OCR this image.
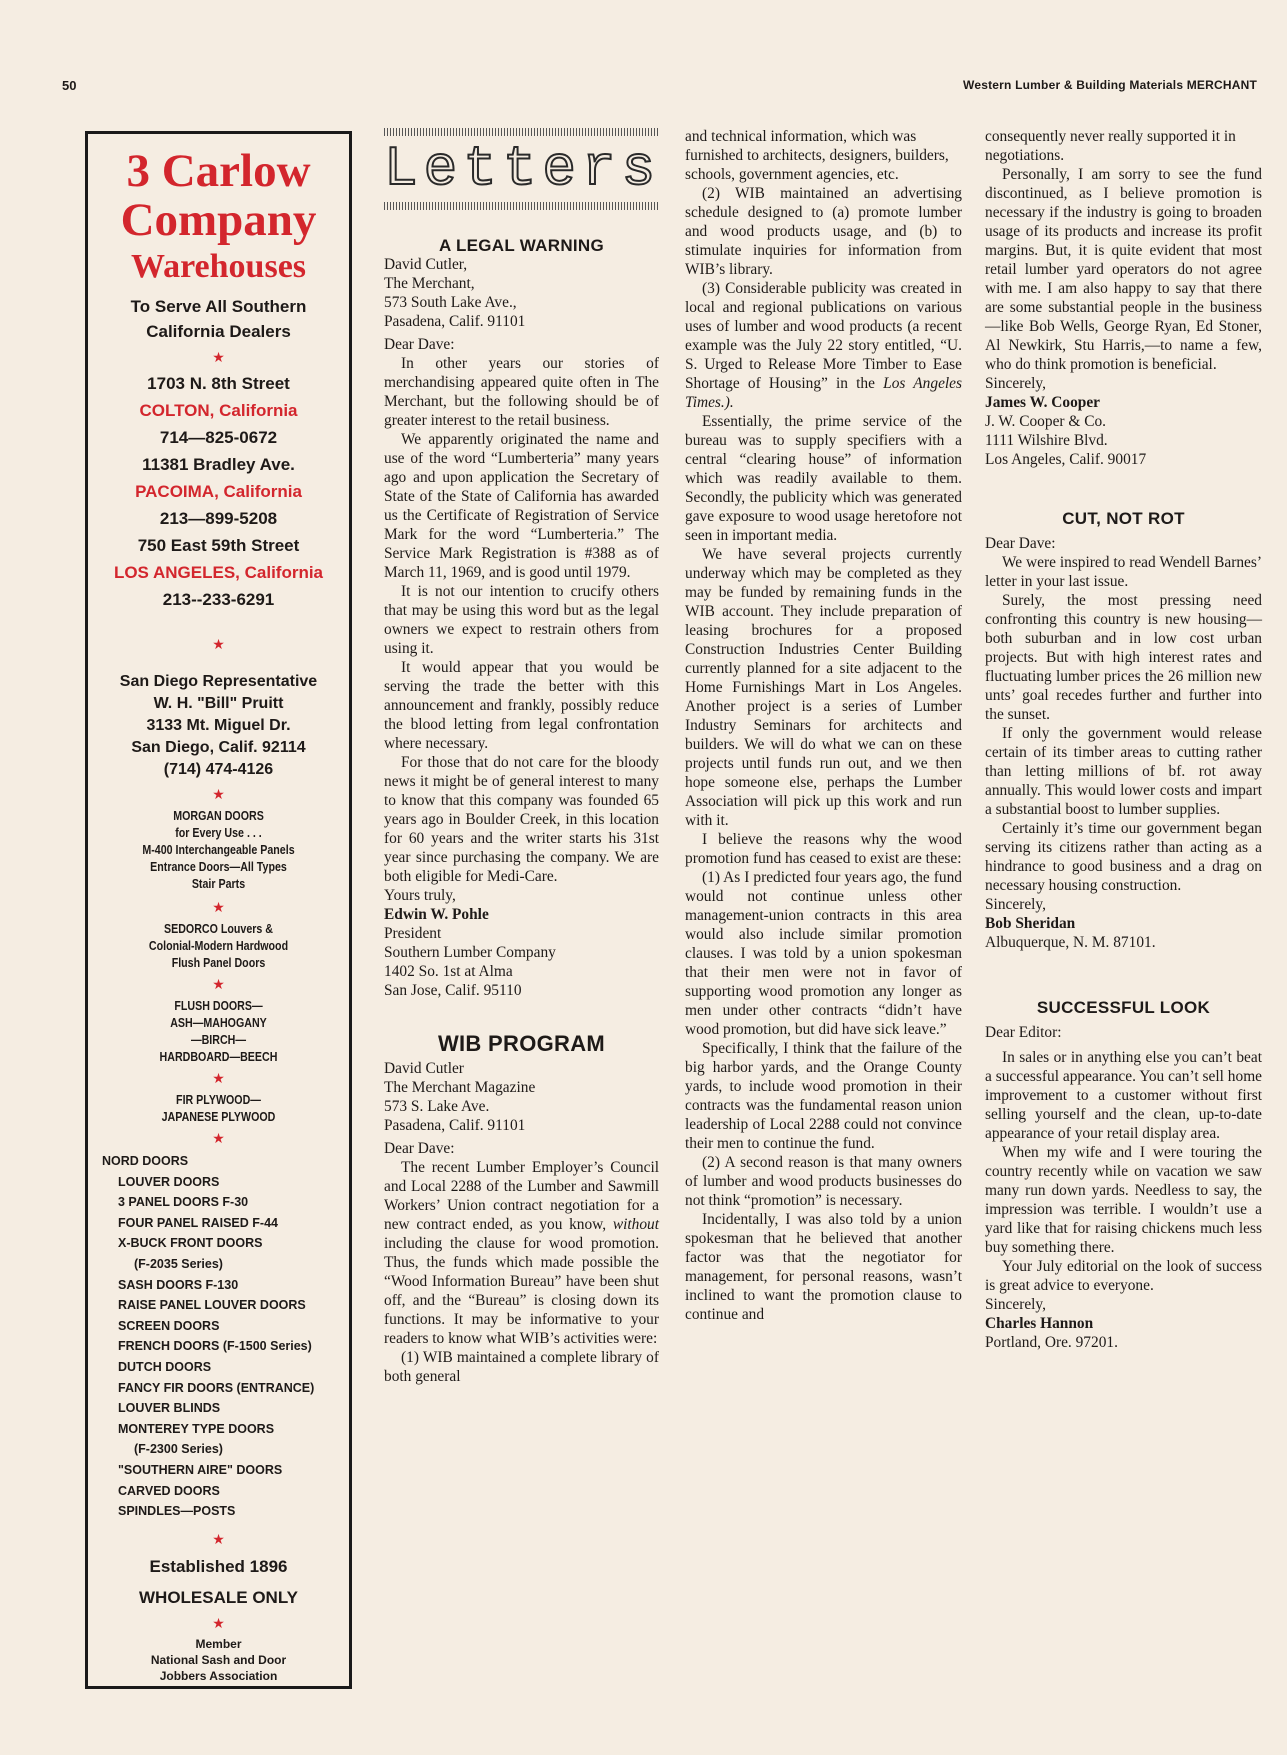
50	Western Lumber & Building Materials MERCHANT
3 Carlow
Company
Warehouses
To Serve All Southern
California Dealers
★
1703 N. 8th Street
COLTON, California
714—825-0672
11381 Bradley Ave.
PACOIMA, California
213—899-5208
750 East 59th Street
LOS ANGELES, California
213--233-6291
★
San Diego Representative
W. H. "Bill" Pruitt
3133 Mt. Miguel Dr.
San Diego, Calif. 92114
(714) 474-4126
★
MORGAN DOORS
for Every Use . . .
M-400 Interchangeable Panels
Entrance Doors—All Types
Stair Parts
★
SEDORCO Louvers &
Colonial-Modern Hardwood
Flush Panel Doors
★
FLUSH DOORS—
ASH—MAHOGANY
—BIRCH—
HARDBOARD—BEECH
★
FIR PLYWOOD—
JAPANESE PLYWOOD
★
NORD DOORS
LOUVER DOORS
3 PANEL DOORS F-30
FOUR PANEL RAISED F-44
X-BUCK FRONT DOORS
(F-2035 Series)
SASH DOORS F-130
RAISE PANEL LOUVER DOORS
SCREEN DOORS
FRENCH DOORS (F-1500 Series)
DUTCH DOORS
FANCY FIR DOORS (ENTRANCE)
LOUVER BLINDS
MONTEREY TYPE DOORS
(F-2300 Series)
"SOUTHERN AIRE" DOORS
CARVED DOORS
SPINDLES—POSTS
★
Established 1896
WHOLESALE ONLY
★
Member
National Sash and Door
Jobbers Association
Letters
A LEGAL WARNING

David Cutler,

The Merchant,

573 South Lake Ave.,

Pasadena, Calif. 91101

Dear Dave:

In other years our stories of merchandising appeared quite often in The Merchant, but the following should be of greater interest to the retail business.

We apparently originated the name and use of the word “Lumberteria” many years ago and upon application the Secretary of State of the State of California has awarded us the Certificate of Registration of Service Mark for the word “Lumberteria.” The Service Mark Registration is #388 as of March 11, 1969, and is good until 1979.

It is not our intention to crucify others that may be using this word but as the legal owners we expect to restrain others from using it.

It would appear that you would be serving the trade the better with this announcement and frankly, possibly reduce the blood letting from legal confrontation where necessary.

For those that do not care for the bloody news it might be of general interest to many to know that this company was founded 65 years ago in Boulder Creek, in this location for 60 years and the writer starts his 31st year since purchasing the company. We are both eligible for Medi-Care.

Yours truly,

Edwin W. Pohle

President

Southern Lumber Company

1402 So. 1st at Alma

San Jose, Calif. 95110

WIB PROGRAM

David Cutler

The Merchant Magazine

573 S. Lake Ave.

Pasadena, Calif. 91101

Dear Dave:

The recent Lumber Employer’s Council and Local 2288 of the Lumber and Sawmill Workers’ Union contract negotiation for a new contract ended, as you know, without including the clause for wood promotion. Thus, the funds which made possible the “Wood Information Bureau” have been shut off, and the “Bureau” is closing down its functions. It may be informative to your readers to know what WIB’s activities were:

(1) WIB maintained a complete library of both general

and technical information, which was furnished to architects, designers, builders, schools, government agencies, etc.

(2) WIB maintained an advertising schedule designed to (a) promote lumber and wood products usage, and (b) to stimulate inquiries for information from WIB’s library.

(3) Considerable publicity was created in local and regional publications on various uses of lumber and wood products (a recent example was the July 22 story entitled, “U. S. Urged to Release More Timber to Ease Shortage of Housing” in the Los Angeles Times.).

Essentially, the prime service of the bureau was to supply specifiers with a central “clearing house” of information which was readily available to them. Secondly, the publicity which was generated gave exposure to wood usage heretofore not seen in important media.

We have several projects currently underway which may be completed as they may be funded by remaining funds in the WIB account. They include preparation of leasing brochures for a proposed Construction Industries Center Building currently planned for a site adjacent to the Home Furnishings Mart in Los Angeles. Another project is a series of Lumber Industry Seminars for architects and builders. We will do what we can on these projects until funds run out, and we then hope someone else, perhaps the Lumber Association will pick up this work and run with it.

I believe the reasons why the wood promotion fund has ceased to exist are these:

(1) As I predicted four years ago, the fund would not continue unless other management-union contracts in this area would also include similar promotion clauses. I was told by a union spokesman that their men were not in favor of supporting wood promotion any longer as men under other contracts “didn’t have wood promotion, but did have sick leave.”

Specifically, I think that the failure of the big harbor yards, and the Orange County yards, to include wood promotion in their contracts was the fundamental reason union leadership of Local 2288 could not convince their men to continue the fund.

(2) A second reason is that many owners of lumber and wood products businesses do not think “promotion” is necessary.

Incidentally, I was also told by a union spokesman that he believed that another factor was that the negotiator for management, for personal reasons, wasn’t inclined to want the promotion clause to continue and

consequently never really supported it in negotiations.

Personally, I am sorry to see the fund discontinued, as I believe promotion is necessary if the industry is going to broaden usage of its products and increase its profit margins. But, it is quite evident that most retail lumber yard operators do not agree with me. I am also happy to say that there are some substantial people in the business—like Bob Wells, George Ryan, Ed Stoner, Al Newkirk, Stu Harris,—to name a few, who do think promotion is beneficial.

Sincerely,

James W. Cooper

J. W. Cooper & Co.

1111 Wilshire Blvd.

Los Angeles, Calif. 90017

CUT, NOT ROT

Dear Dave:

We were inspired to read Wendell Barnes’ letter in your last issue.

Surely, the most pressing need confronting this country is new housing—both suburban and in low cost urban projects. But with high interest rates and fluctuating lumber prices the 26 million new unts’ goal recedes further and further into the sunset.

If only the government would release certain of its timber areas to cutting rather than letting millions of bf. rot away annually. This would lower costs and impart a substantial boost to lumber supplies.

Certainly it’s time our government began serving its citizens rather than acting as a hindrance to good business and a drag on necessary housing construction.

Sincerely,

Bob Sheridan

Albuquerque, N. M. 87101.

SUCCESSFUL LOOK

Dear Editor:

In sales or in anything else you can’t beat a successful appearance. You can’t sell home improvement to a customer without first selling yourself and the clean, up-to-date appearance of your retail display area.

When my wife and I were touring the country recently while on vacation we saw many run down yards. Needless to say, the impression was terrible. I wouldn’t use a yard like that for raising chickens much less buy something there.

Your July editorial on the look of success is great advice to everyone.

Sincerely,

Charles Hannon

Portland, Ore. 97201.
